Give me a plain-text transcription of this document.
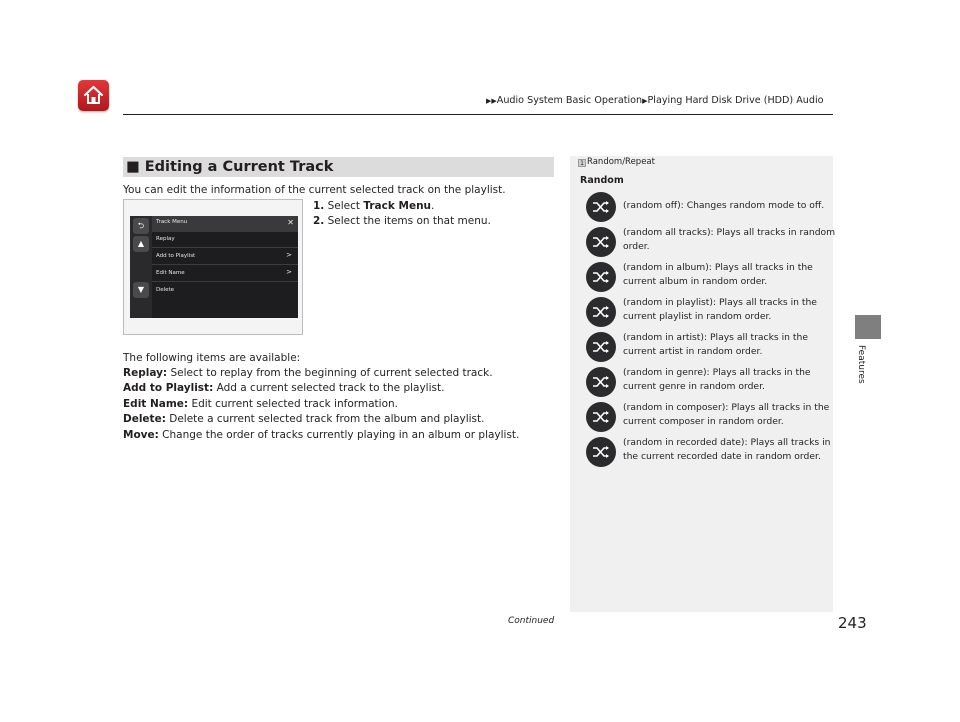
▶▶Audio System Basic Operation▶Playing Hard Disk Drive (HDD) Audio
Features
■ Editing a Current Track
You can edit the information of the current selected track on the playlist.
1. Select Track Menu.
2. Select the items on that menu.
⮌
▲
▼
Track Menu	✕
Replay
Add to Playlist	>
Edit Name	>
Delete
The following items are available:
Replay: Select to replay from the beginning of current selected track.
Add to Playlist: Add a current selected track to the playlist.
Edit Name: Edit current selected track information.
Delete: Delete a current selected track from the album and playlist.
Move: Change the order of tracks currently playing in an album or playlist.
1 Random/Repeat
Random
(random off): Changes random mode to off.
(random all tracks): Plays all tracks in random
order.
(random in album): Plays all tracks in the
current album in random order.
(random in playlist): Plays all tracks in the
current playlist in random order.
(random in artist): Plays all tracks in the
current artist in random order.
(random in genre): Plays all tracks in the
current genre in random order.
(random in composer): Plays all tracks in the
current composer in random order.
(random in recorded date): Plays all tracks in
the current recorded date in random order.
Continued	243
